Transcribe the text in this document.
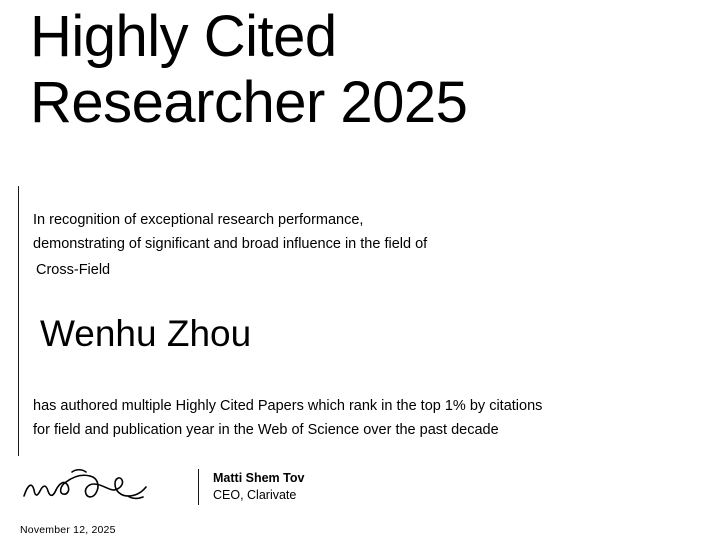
Highly Cited
Researcher 2025
In recognition of exceptional research performance,
demonstrating of significant and broad influence in the field of
Cross-Field
Wenhu Zhou
has authored multiple Highly Cited Papers which rank in the top 1% by citations
for field and publication year in the Web of Science over the past decade
Matti Shem Tov
CEO, Clarivate
November 12, 2025
